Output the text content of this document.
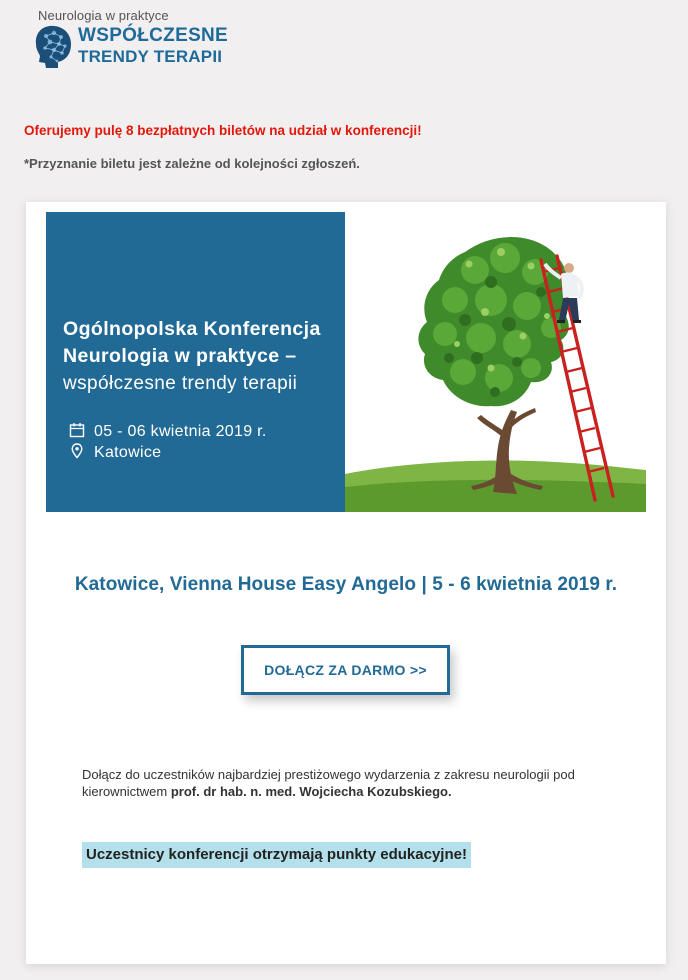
Neurologia w praktyce
WSPÓŁCZESNE
TRENDY TERAPII
Oferujemy pulę 8 bezpłatnych biletów na udział w konferencji!
*Przyznanie biletu jest zależne od kolejności zgłoszeń.
Ogólnopolska Konferencja
Neurologia w praktyce –
współczesne trendy terapii
05 - 06 kwietnia 2019 r.
Katowice
Katowice, Vienna House Easy Angelo | 5 - 6 kwietnia 2019 r.
DOŁĄCZ ZA DARMO >>
Dołącz do uczestników najbardziej prestiżowego wydarzenia z zakresu neurologii pod kierownictwem prof. dr hab. n. med. Wojciecha Kozubskiego.
Uczestnicy konferencji otrzymają punkty edukacyjne!
